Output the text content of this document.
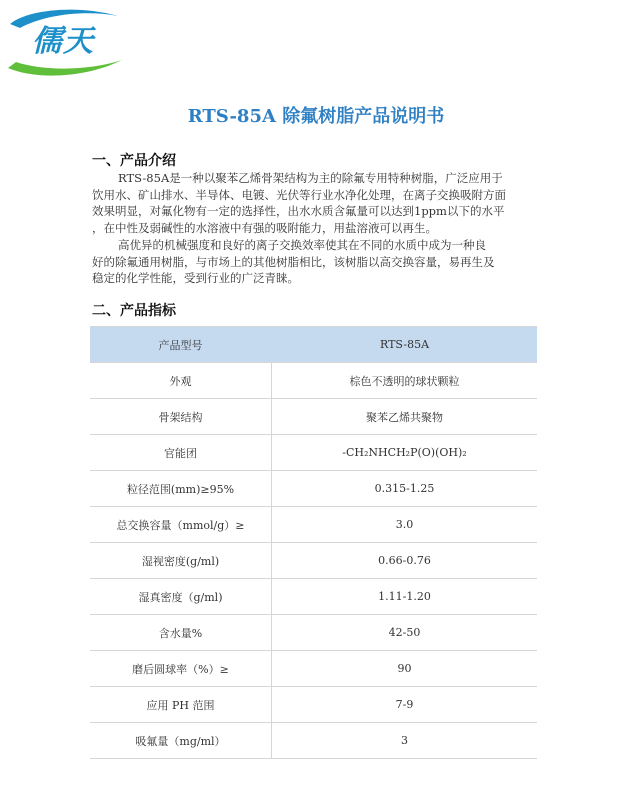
儒天
RTS-85A 除氟树脂产品说明书
一、产品介绍
RTS-85A是一种以聚苯乙烯骨架结构为主的除氟专用特种树脂，广泛应用于
饮用水、矿山排水、半导体、电镀、光伏等行业水净化处理，在离子交换吸附方面
效果明显，对氟化物有一定的选择性，出水水质含氟量可以达到1ppm以下的水平
，在中性及弱碱性的水溶液中有强的吸附能力，用盐溶液可以再生。
高优异的机械强度和良好的离子交换效率使其在不同的水质中成为一种良
好的除氟通用树脂，与市场上的其他树脂相比，该树脂以高交换容量，易再生及
稳定的化学性能，受到行业的广泛青睐。
二、产品指标
产品型号	RTS-85A
外观	棕色不透明的球状颗粒
骨架结构	聚苯乙烯共聚物
官能团	-CH₂NHCH₂P(O)(OH)₂
粒径范围(mm)≥95%	0.315-1.25
总交换容量（mmol/g）≥	3.0
湿视密度(g/ml)	0.66-0.76
湿真密度（g/ml)	1.11-1.20
含水量%	42-50
磨后圆球率（%）≥	90
应用 PH 范围	7-9
吸氟量（mg/ml）	3
